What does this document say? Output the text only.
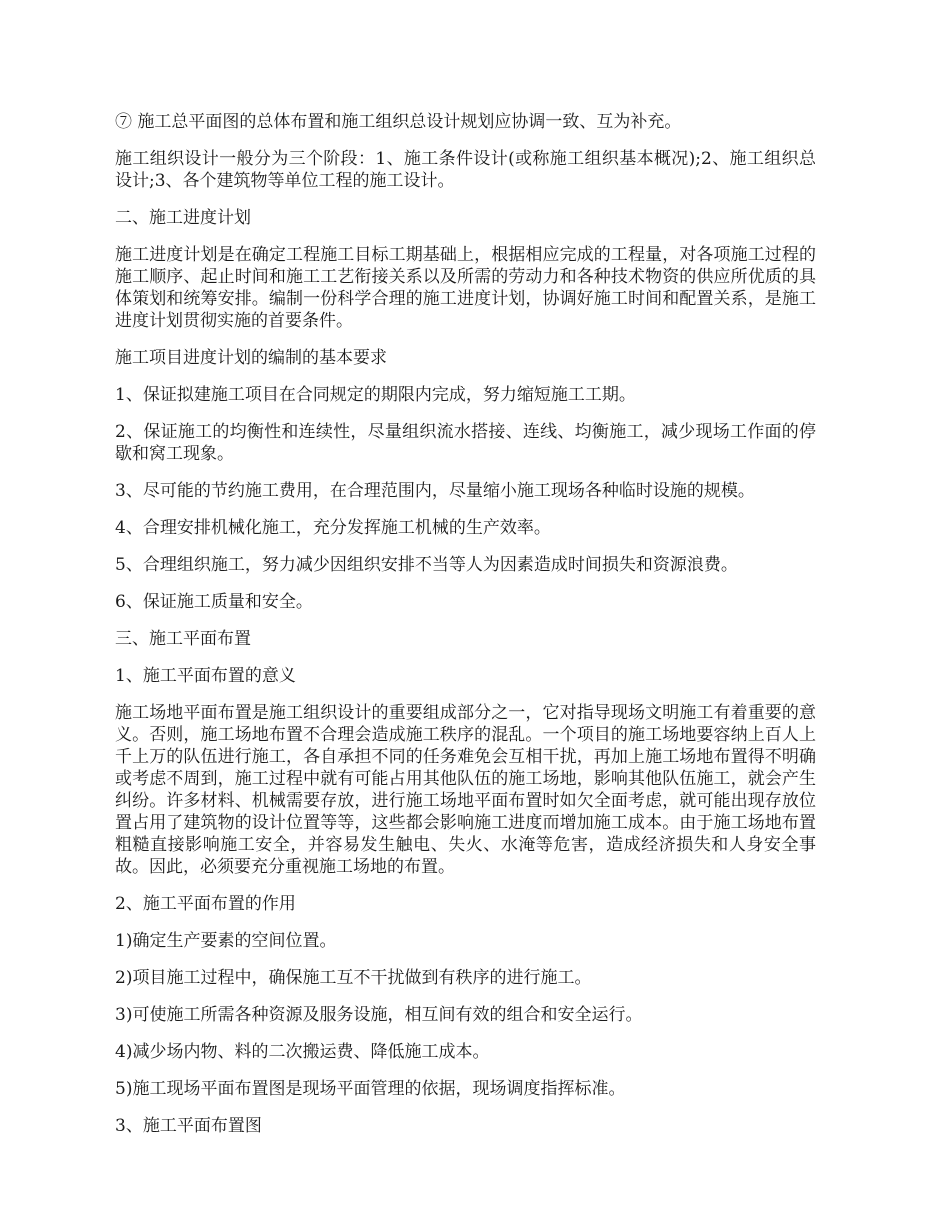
⑦ 施工总平面图的总体布置和施工组织总设计规划应协调一致、互为补充。

施工组织设计一般分为三个阶段：1、施工条件设计(或称施工组织基本概况);2、施工组织总设计;3、各个建筑物等单位工程的施工设计。

二、施工进度计划

施工进度计划是在确定工程施工目标工期基础上，根据相应完成的工程量，对各项施工过程的施工顺序、起止时间和施工工艺衔接关系以及所需的劳动力和各种技术物资的供应所优质的具体策划和统筹安排。编制一份科学合理的施工进度计划，协调好施工时间和配置关系，是施工进度计划贯彻实施的首要条件。

施工项目进度计划的编制的基本要求

1、保证拟建施工项目在合同规定的期限内完成，努力缩短施工工期。

2、保证施工的均衡性和连续性，尽量组织流水搭接、连线、均衡施工，减少现场工作面的停歇和窝工现象。

3、尽可能的节约施工费用，在合理范围内，尽量缩小施工现场各种临时设施的规模。

4、合理安排机械化施工，充分发挥施工机械的生产效率。

5、合理组织施工，努力减少因组织安排不当等人为因素造成时间损失和资源浪费。

6、保证施工质量和安全。

三、施工平面布置

1、施工平面布置的意义

施工场地平面布置是施工组织设计的重要组成部分之一，它对指导现场文明施工有着重要的意义。否则，施工场地布置不合理会造成施工秩序的混乱。一个项目的施工场地要容纳上百人上千上万的队伍进行施工，各自承担不同的任务难免会互相干扰，再加上施工场地布置得不明确或考虑不周到，施工过程中就有可能占用其他队伍的施工场地，影响其他队伍施工，就会产生纠纷。许多材料、机械需要存放，进行施工场地平面布置时如欠全面考虑，就可能出现存放位置占用了建筑物的设计位置等等，这些都会影响施工进度而增加施工成本。由于施工场地布置粗糙直接影响施工安全，并容易发生触电、失火、水淹等危害，造成经济损失和人身安全事故。因此，必须要充分重视施工场地的布置。

2、施工平面布置的作用

1)确定生产要素的空间位置。

2)项目施工过程中，确保施工互不干扰做到有秩序的进行施工。

3)可使施工所需各种资源及服务设施，相互间有效的组合和安全运行。

4)减少场内物、料的二次搬运费、降低施工成本。

5)施工现场平面布置图是现场平面管理的依据，现场调度指挥标准。

3、施工平面布置图
